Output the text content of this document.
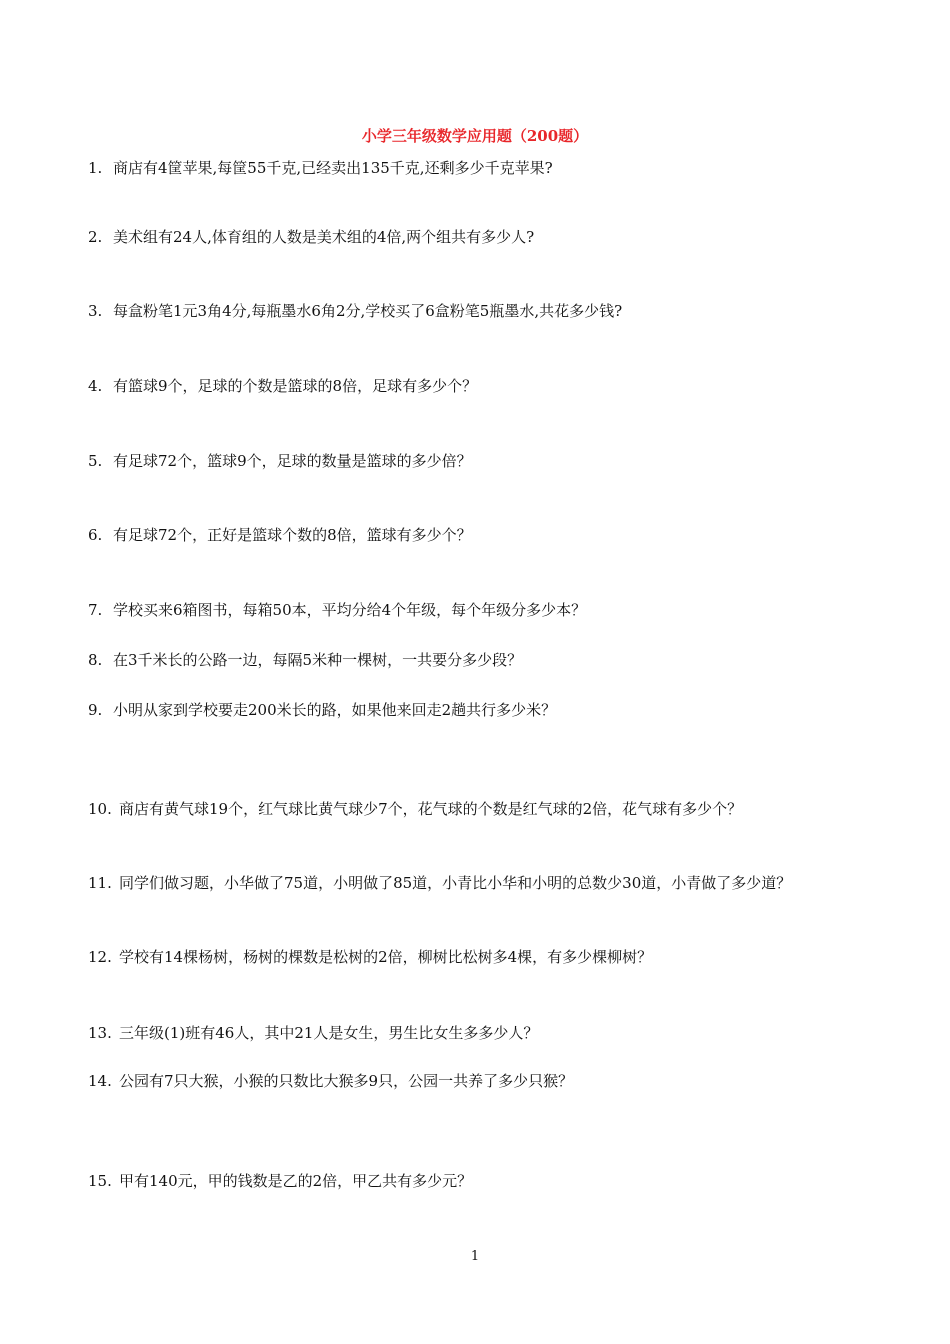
小学三年级数学应用题（200题）
1. 商店有4筐苹果,每筐55千克,已经卖出135千克,还剩多少千克苹果?
2. 美术组有24人,体育组的人数是美术组的4倍,两个组共有多少人?
3. 每盒粉笔1元3角4分,每瓶墨水6角2分,学校买了6盒粉笔5瓶墨水,共花多少钱?
4. 有篮球9个，足球的个数是篮球的8倍，足球有多少个？
5. 有足球72个，篮球9个，足球的数量是篮球的多少倍？
6. 有足球72个，正好是篮球个数的8倍，篮球有多少个？
7. 学校买来6箱图书，每箱50本，平均分给4个年级，每个年级分多少本？
8. 在3千米长的公路一边，每隔5米种一棵树，一共要分多少段？
9. 小明从家到学校要走200米长的路，如果他来回走2趟共行多少米？
10. 商店有黄气球19个，红气球比黄气球少7个，花气球的个数是红气球的2倍，花气球有多少个？
11. 同学们做习题，小华做了75道，小明做了85道，小青比小华和小明的总数少30道，小青做了多少道？
12. 学校有14棵杨树，杨树的棵数是松树的2倍，柳树比松树多4棵，有多少棵柳树？
13. 三年级(1)班有46人，其中21人是女生，男生比女生多多少人？
14. 公园有7只大猴，小猴的只数比大猴多9只，公园一共养了多少只猴？
15. 甲有140元，甲的钱数是乙的2倍，甲乙共有多少元？
1
